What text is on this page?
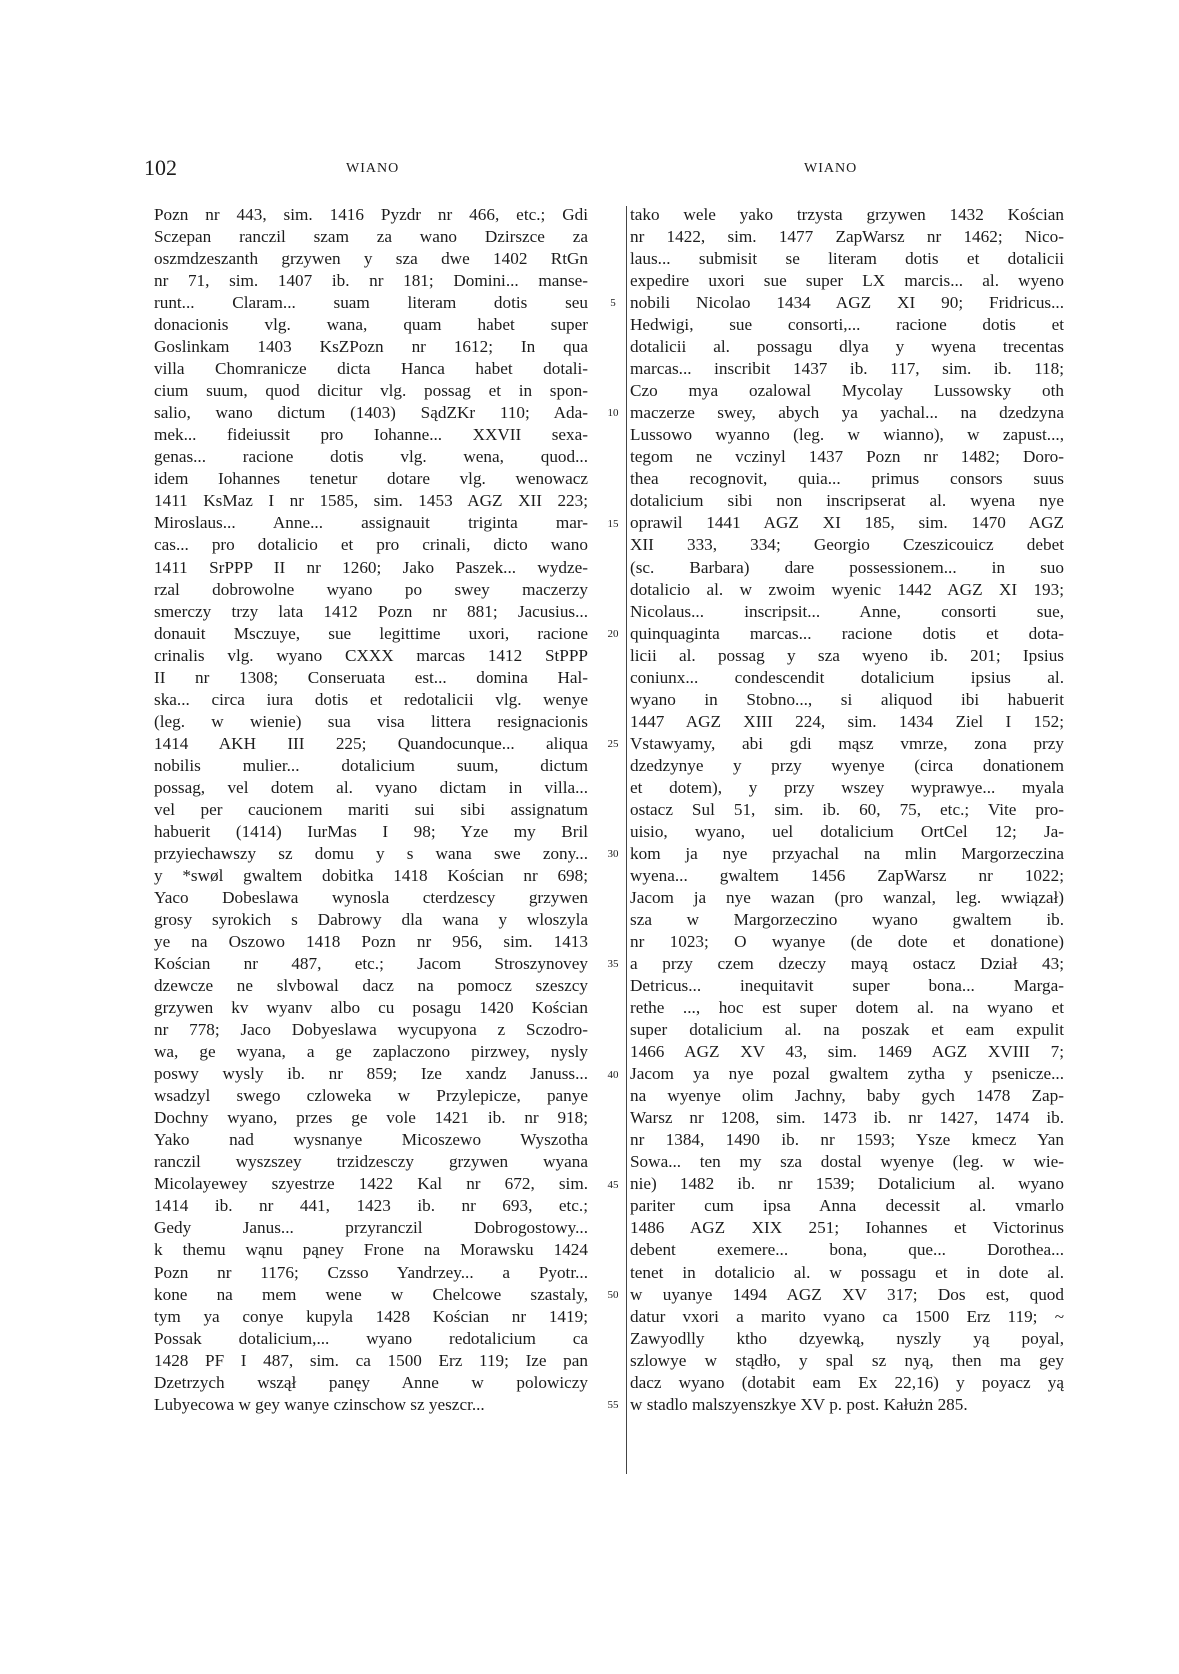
102	WIANO	WIANO
Pozn nr 443, sim. 1416 Pyzdr nr 466, etc.; Gdi
Sczepan ranczil szam za wano Dzirszce za
oszmdzeszanth grzywen y sza dwe 1402 RtGn
nr 71, sim. 1407 ib. nr 181; Domini... manse-
runt... Claram... suam literam dotis seu
donacionis vlg. wana, quam habet super
Goslinkam 1403 KsZPozn nr 1612; In qua
villa Chomranicze dicta Hanca habet dotali-
cium suum, quod dicitur vlg. possag et in spon-
salio, wano dictum (1403) SądZKr 110; Ada-
mek... fideiussit pro Iohanne... XXVII sexa-
genas... racione dotis vlg. wena, quod...
idem Iohannes tenetur dotare vlg. wenowacz
1411 KsMaz I nr 1585, sim. 1453 AGZ XII 223;
Miroslaus... Anne... assignauit triginta mar-
cas... pro dotalicio et pro crinali, dicto wano
1411 SrPPP II nr 1260; Jako Paszek... wydze-
rzal dobrowolne wyano po swey maczerzy
smerczy trzy lata 1412 Pozn nr 881; Jacusius...
donauit Msczuye, sue legittime uxori, racione
crinalis vlg. wyano CXXX marcas 1412 StPPP
II nr 1308; Conseruata est... domina Hal-
ska... circa iura dotis et redotalicii vlg. wenye
(leg. w wienie) sua visa littera resignacionis
1414 AKH III 225; Quandocunque... aliqua
nobilis mulier... dotalicium suum, dictum
possag, vel dotem al. vyano dictam in villa...
vel per caucionem mariti sui sibi assignatum
habuerit (1414) IurMas I 98; Yze my Bril
przyiechawszy sz domu y s wana swe zony...
y *swøl gwaltem dobitka 1418 Kościan nr 698;
Yaco Dobeslawa wynosla cterdzescy grzywen
grosy syrokich s Dabrowy dla wana y wloszyla
ye na Oszowo 1418 Pozn nr 956, sim. 1413
Kościan nr 487, etc.; Jacom Stroszynovey
dzewcze ne slvbowal dacz na pomocz szeszcy
grzywen kv wyanv albo cu posagu 1420 Kościan
nr 778; Jaco Dobyeslawa wycupyona z Sczodro-
wa, ge wyana, a ge zaplaczono pirzwey, nysly
poswy wysly ib. nr 859; Ize xandz Januss...
wsadzyl swego czloweka w Przylepicze, panye
Dochny wyano, przes ge vole 1421 ib. nr 918;
Yako nad wysnanye Micoszewo Wyszotha
ranczil wyszszey trzidzesczy grzywen wyana
Micolayewey szyestrze 1422 Kal nr 672, sim.
1414 ib. nr 441, 1423 ib. nr 693, etc.;
Gedy Janus... przyranczil Dobrogostowy...
k themu wąnu pąney Frone na Morawsku 1424
Pozn nr 1176; Czsso Yandrzey... a Pyotr...
kone na mem wene w Chelcowe szastaly,
tym ya conye kupyla 1428 Kościan nr 1419;
Possak dotalicium,... wyano redotalicium ca
1428 PF I 487, sim. ca 1500 Erz 119; Ize pan
Dzetrzych wszął panęy Anne w polowiczy
Lubyecowa w gey wanye czinschow sz yeszcr...
5
10
15
20
25
30
35
40
45
50
55
tako wele yako trzysta grzywen 1432 Kościan
nr 1422, sim. 1477 ZapWarsz nr 1462; Nico-
laus... submisit se literam dotis et dotalicii
expedire uxori sue super LX marcis... al. wyeno
nobili Nicolao 1434 AGZ XI 90; Fridricus...
Hedwigi, sue consorti,... racione dotis et
dotalicii al. possagu dlya y wyena trecentas
marcas... inscribit 1437 ib. 117, sim. ib. 118;
Czo mya ozalowal Mycolay Lussowsky oth
maczerze swey, abych ya yachal... na dzedzyna
Lussowo wyanno (leg. w wianno), w zapust...,
tegom ne vczinyl 1437 Pozn nr 1482; Doro-
thea recognovit, quia... primus consors suus
dotalicium sibi non inscripserat al. wyena nye
oprawil 1441 AGZ XI 185, sim. 1470 AGZ
XII 333, 334; Georgio Czeszicouicz debet
(sc. Barbara) dare possessionem... in suo
dotalicio al. w zwoim wyenic 1442 AGZ XI 193;
Nicolaus... inscripsit... Anne, consorti sue,
quinquaginta marcas... racione dotis et dota-
licii al. possag y sza wyeno ib. 201; Ipsius
coniunx... condescendit dotalicium ipsius al.
wyano in Stobno..., si aliquod ibi habuerit
1447 AGZ XIII 224, sim. 1434 Ziel I 152;
Vstawyamy, abi gdi mąsz vmrze, zona przy
dzedzynye y przy wyenye (circa donationem
et dotem), y przy wszey wyprawye... myala
ostacz Sul 51, sim. ib. 60, 75, etc.; Vite pro-
uisio, wyano, uel dotalicium OrtCel 12; Ja-
kom ja nye przyachal na mlin Margorzeczina
wyena... gwaltem 1456 ZapWarsz nr 1022;
Jacom ja nye wazan (pro wanzal, leg. wwiązał)
sza w Margorzeczino wyano gwaltem ib.
nr 1023; O wyanye (de dote et donatione)
a przy czem dzeczy mayą ostacz Dział 43;
Detricus... inequitavit super bona... Marga-
rethe ..., hoc est super dotem al. na wyano et
super dotalicium al. na poszak et eam expulit
1466 AGZ XV 43, sim. 1469 AGZ XVIII 7;
Jacom ya nye pozal gwaltem zytha y psenicze...
na wyenye olim Jachny, baby gych 1478 Zap-
Warsz nr 1208, sim. 1473 ib. nr 1427, 1474 ib.
nr 1384, 1490 ib. nr 1593; Ysze kmecz Yan
Sowa... ten my sza dostal wyenye (leg. w wie-
nie) 1482 ib. nr 1539; Dotalicium al. wyano
pariter cum ipsa Anna decessit al. vmarlo
1486 AGZ XIX 251; Iohannes et Victorinus
debent exemere... bona, que... Dorothea...
tenet in dotalicio al. w possagu et in dote al.
w uyanye 1494 AGZ XV 317; Dos est, quod
datur vxori a marito vyano ca 1500 Erz 119; ~
Zawyodlly ktho dzyewką, nyszly yą poyal,
szlowye w stądło, y spal sz nyą, then ma gey
dacz wyano (dotabit eam Ex 22,16) y poyacz yą
w stadlo malszyenszkye XV p. post. Kałużn 285.
